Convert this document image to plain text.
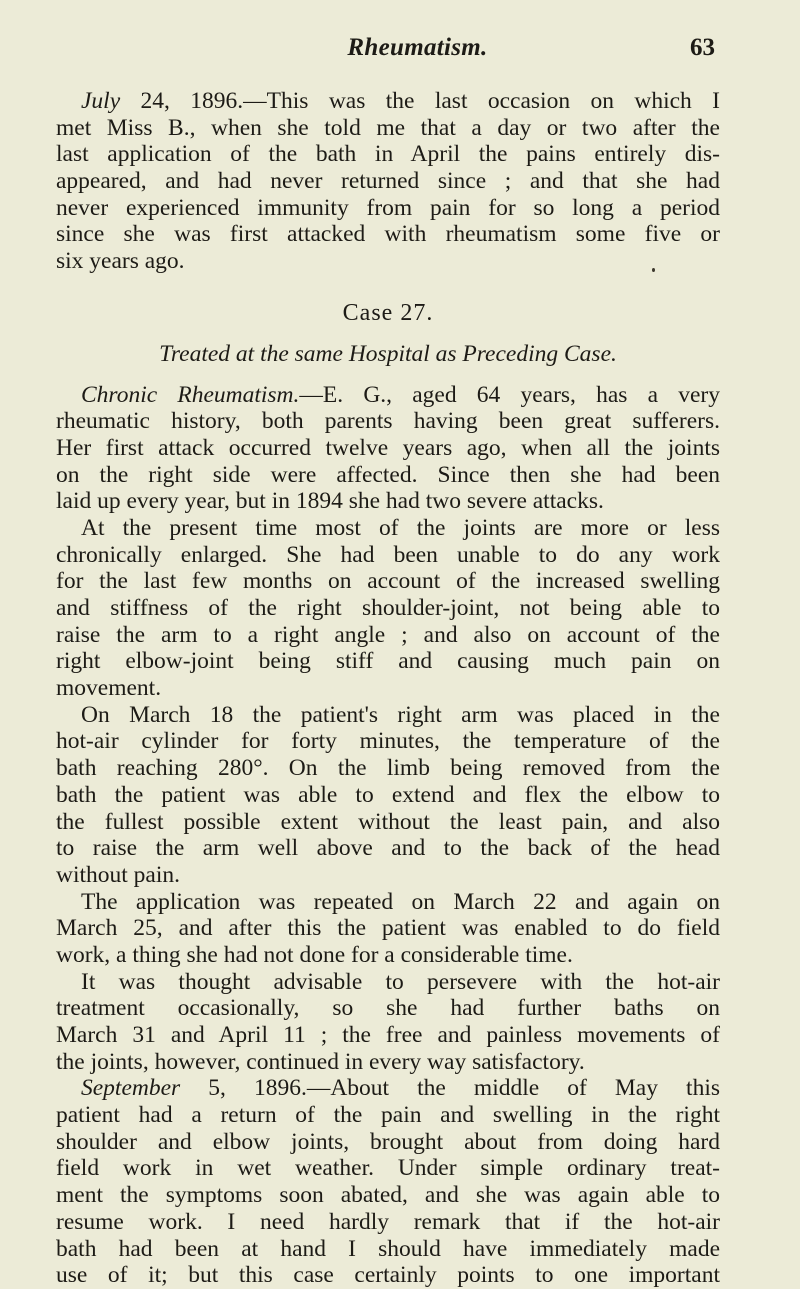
Rheumatism.	63
July 24, 1896.—This was the last occasion on which I
met Miss B., when she told me that a day or two after the
last application of the bath in April the pains entirely dis-
appeared, and had never returned since ; and that she had
never experienced immunity from pain for so long a period
since she was first attacked with rheumatism some five or
six years ago.
Case 27.
Treated at the same Hospital as Preceding Case.
Chronic Rheumatism.—E. G., aged 64 years, has a very
rheumatic history, both parents having been great sufferers.
Her first attack occurred twelve years ago, when all the joints
on the right side were affected. Since then she had been
laid up every year, but in 1894 she had two severe attacks.
At the present time most of the joints are more or less
chronically enlarged. She had been unable to do any work
for the last few months on account of the increased swelling
and stiffness of the right shoulder-joint, not being able to
raise the arm to a right angle ; and also on account of the
right elbow-joint being stiff and causing much pain on
movement.
On March 18 the patient's right arm was placed in the
hot-air cylinder for forty minutes, the temperature of the
bath reaching 280°. On the limb being removed from the
bath the patient was able to extend and flex the elbow to
the fullest possible extent without the least pain, and also
to raise the arm well above and to the back of the head
without pain.
The application was repeated on March 22 and again on
March 25, and after this the patient was enabled to do field
work, a thing she had not done for a considerable time.
It was thought advisable to persevere with the hot-air
treatment occasionally, so she had further baths on
March 31 and April 11 ; the free and painless movements of
the joints, however, continued in every way satisfactory.
September 5, 1896.—About the middle of May this
patient had a return of the pain and swelling in the right
shoulder and elbow joints, brought about from doing hard
field work in wet weather. Under simple ordinary treat-
ment the symptoms soon abated, and she was again able to
resume work. I need hardly remark that if the hot-air
bath had been at hand I should have immediately made
use of it; but this case certainly points to one important
